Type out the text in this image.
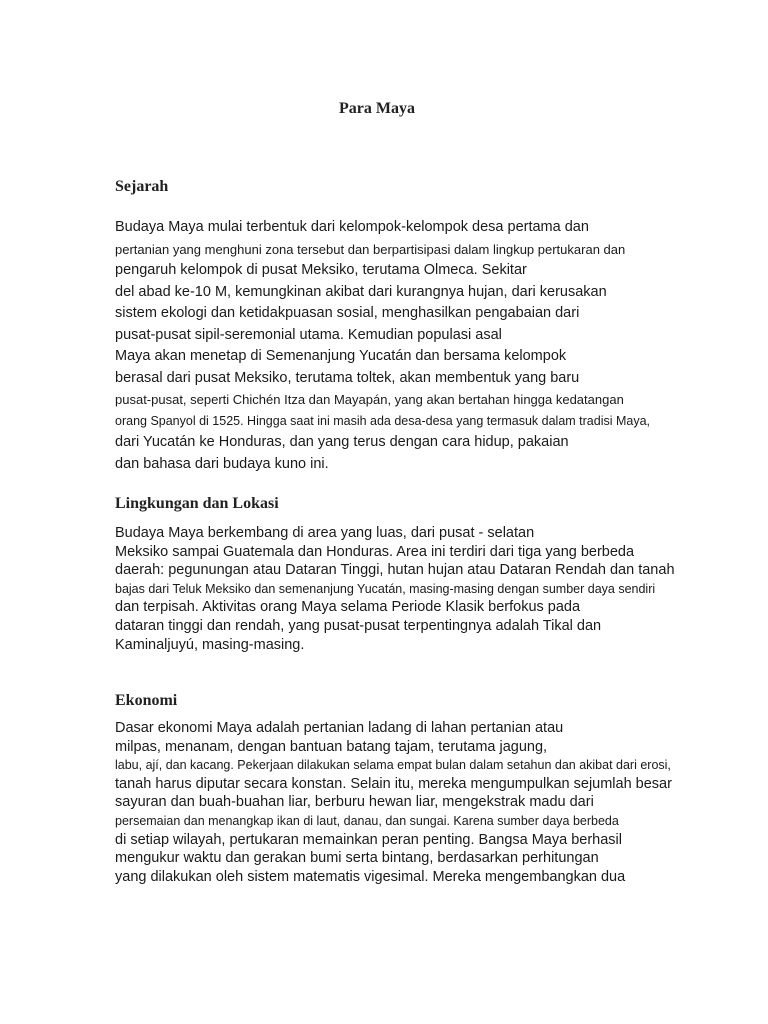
Para Maya
Sejarah
Budaya Maya mulai terbentuk dari kelompok-kelompok desa pertama dan
pertanian yang menghuni zona tersebut dan berpartisipasi dalam lingkup pertukaran dan
pengaruh kelompok di pusat Meksiko, terutama Olmeca. Sekitar
del abad ke-10 M, kemungkinan akibat dari kurangnya hujan, dari kerusakan
sistem ekologi dan ketidakpuasan sosial, menghasilkan pengabaian dari
pusat-pusat sipil-seremonial utama. Kemudian populasi asal
Maya akan menetap di Semenanjung Yucatán dan bersama kelompok
berasal dari pusat Meksiko, terutama toltek, akan membentuk yang baru
pusat-pusat, seperti Chichén Itza dan Mayapán, yang akan bertahan hingga kedatangan
orang Spanyol di 1525. Hingga saat ini masih ada desa-desa yang termasuk dalam tradisi Maya,
dari Yucatán ke Honduras, dan yang terus dengan cara hidup, pakaian
dan bahasa dari budaya kuno ini.
Lingkungan dan Lokasi
Budaya Maya berkembang di area yang luas, dari pusat - selatan
Meksiko sampai Guatemala dan Honduras. Area ini terdiri dari tiga yang berbeda
daerah: pegunungan atau Dataran Tinggi, hutan hujan atau Dataran Rendah dan tanah
bajas dari Teluk Meksiko dan semenanjung Yucatán, masing-masing dengan sumber daya sendiri
dan terpisah. Aktivitas orang Maya selama Periode Klasik berfokus pada
dataran tinggi dan rendah, yang pusat-pusat terpentingnya adalah Tikal dan
Kaminaljuyú, masing-masing.
Ekonomi
Dasar ekonomi Maya adalah pertanian ladang di lahan pertanian atau
milpas, menanam, dengan bantuan batang tajam, terutama jagung,
labu, ají, dan kacang. Pekerjaan dilakukan selama empat bulan dalam setahun dan akibat dari erosi,
tanah harus diputar secara konstan. Selain itu, mereka mengumpulkan sejumlah besar
sayuran dan buah-buahan liar, berburu hewan liar, mengekstrak madu dari
persemaian dan menangkap ikan di laut, danau, dan sungai. Karena sumber daya berbeda
di setiap wilayah, pertukaran memainkan peran penting. Bangsa Maya berhasil
mengukur waktu dan gerakan bumi serta bintang, berdasarkan perhitungan
yang dilakukan oleh sistem matematis vigesimal. Mereka mengembangkan dua
